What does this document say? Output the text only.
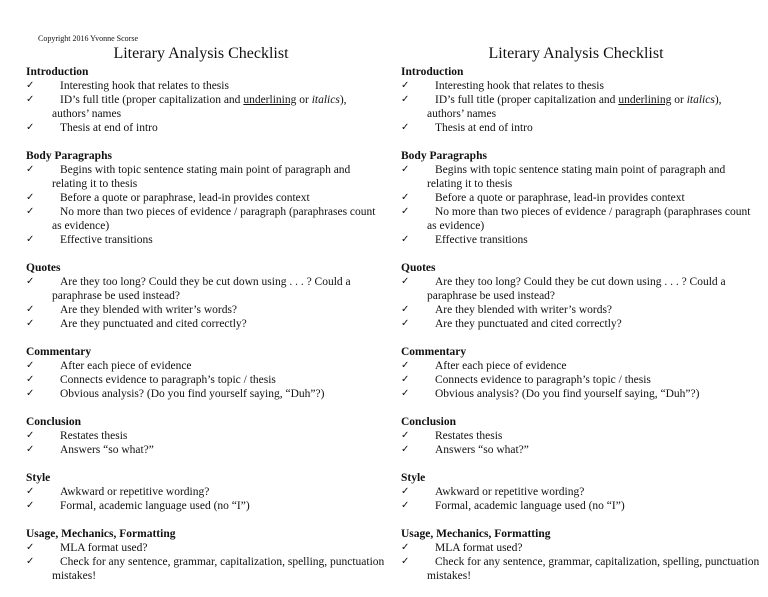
Copyright 2016 Yvonne Scorse
Literary Analysis Checklist
Introduction
✓ Interesting hook that relates to thesis
✓ ID’s full title (proper capitalization and underlining or italics), authors’ names
✓ Thesis at end of intro
Body Paragraphs
✓ Begins with topic sentence stating main point of paragraph and relating it to thesis
✓ Before a quote or paraphrase, lead-in provides context
✓ No more than two pieces of evidence / paragraph (paraphrases count as evidence)
✓ Effective transitions
Quotes
✓ Are they too long? Could they be cut down using . . . ? Could a paraphrase be used instead?
✓ Are they blended with writer’s words?
✓ Are they punctuated and cited correctly?
Commentary
✓ After each piece of evidence
✓ Connects evidence to paragraph’s topic / thesis
✓ Obvious analysis? (Do you find yourself saying, “Duh”?)
Conclusion
✓ Restates thesis
✓ Answers “so what?”
Style
✓ Awkward or repetitive wording?
✓ Formal, academic language used (no “I”)
Usage, Mechanics, Formatting
✓ MLA format used?
✓ Check for any sentence, grammar, capitalization, spelling, punctuation mistakes!
Literary Analysis Checklist
Introduction
✓ Interesting hook that relates to thesis
✓ ID’s full title (proper capitalization and underlining or italics), authors’ names
✓ Thesis at end of intro
Body Paragraphs
✓ Begins with topic sentence stating main point of paragraph and relating it to thesis
✓ Before a quote or paraphrase, lead-in provides context
✓ No more than two pieces of evidence / paragraph (paraphrases count as evidence)
✓ Effective transitions
Quotes
✓ Are they too long? Could they be cut down using . . . ? Could a paraphrase be used instead?
✓ Are they blended with writer’s words?
✓ Are they punctuated and cited correctly?
Commentary
✓ After each piece of evidence
✓ Connects evidence to paragraph’s topic / thesis
✓ Obvious analysis? (Do you find yourself saying, “Duh”?)
Conclusion
✓ Restates thesis
✓ Answers “so what?”
Style
✓ Awkward or repetitive wording?
✓ Formal, academic language used (no “I”)
Usage, Mechanics, Formatting
✓ MLA format used?
✓ Check for any sentence, grammar, capitalization, spelling, punctuation mistakes!
